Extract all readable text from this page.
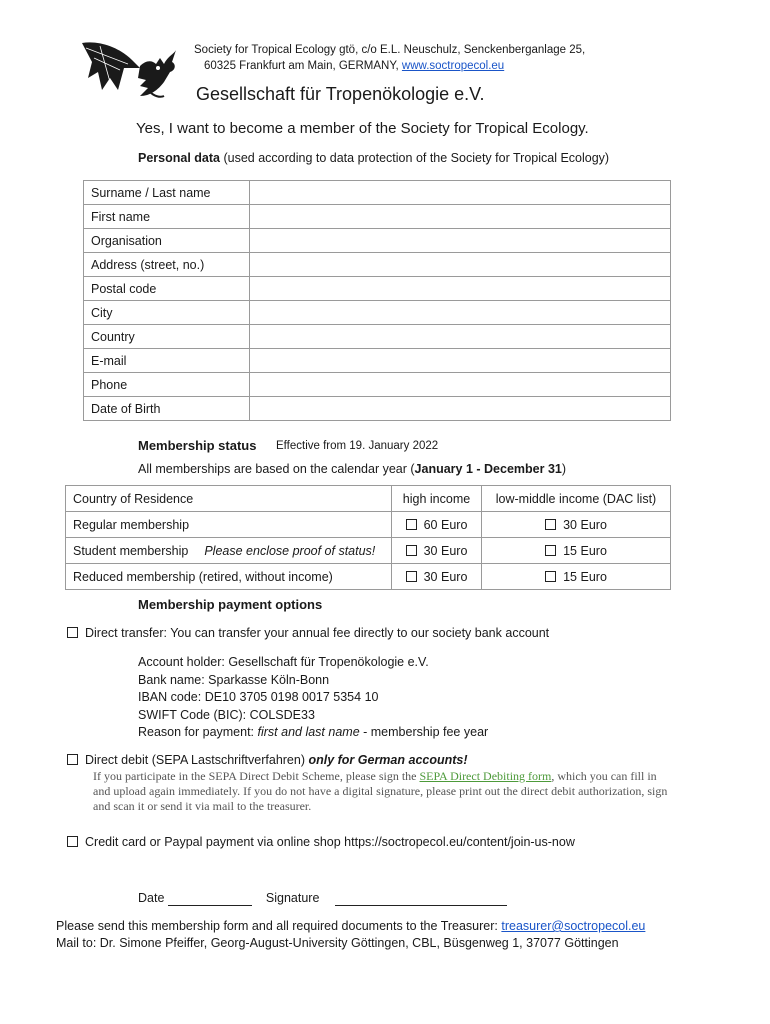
Society for Tropical Ecology gtö, c/o E.L. Neuschulz, Senckenberganlage 25,
60325 Frankfurt am Main, GERMANY, www.soctropecol.eu
Gesellschaft für Tropenökologie e.V.
Yes, I want to become a member of the Society for Tropical Ecology.
Personal data (used according to data protection of the Society for Tropical Ecology)
Surname / Last name	
First name	
Organisation	
Address (street, no.)	
Postal code	
City	
Country	
E-mail	
Phone	
Date of Birth	
Membership status Effective from 19. January 2022
All memberships are based on the calendar year (January 1 - December 31)
Country of Residence	high income	low-middle income (DAC list)
Regular membership	60 Euro	30 Euro
Student membership Please enclose proof of status!	30 Euro	15 Euro
Reduced membership (retired, without income)	30 Euro	15 Euro
Membership payment options
Direct transfer: You can transfer your annual fee directly to our society bank account
Account holder: Gesellschaft für Tropenökologie e.V.
Bank name: Sparkasse Köln-Bonn
IBAN code: DE10 3705 0198 0017 5354 10
SWIFT Code (BIC): COLSDE33
Reason for payment: first and last name - membership fee year
Direct debit (SEPA Lastschriftverfahren) only for German accounts!
If you participate in the SEPA Direct Debit Scheme, please sign the SEPA Direct Debiting form, which you can fill in and upload again immediately. If you do not have a digital signature, please print out the direct debit authorization, sign and scan it or send it via mail to the treasurer.
Credit card or Paypal payment via online shop https://soctropecol.eu/content/join-us-now
Date	Signature
Please send this membership form and all required documents to the Treasurer: treasurer@soctropecol.eu
Mail to: Dr. Simone Pfeiffer, Georg-August-University Göttingen, CBL, Büsgenweg 1, 37077 Göttingen
